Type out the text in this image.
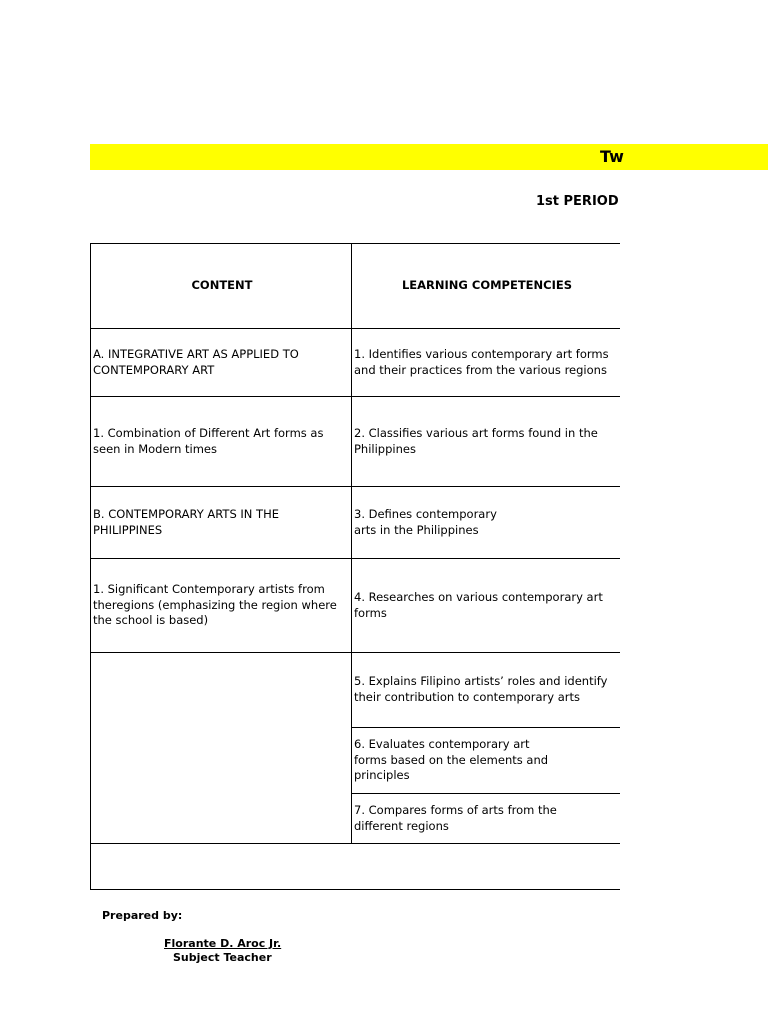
Tw
1st PERIOD
CONTENT	LEARNING COMPETENCIES
A. INTEGRATIVE ART AS APPLIED TO CONTEMPORARY ART
1. Identifies various contemporary art forms and their practices from the various regions
1. Combination of Different Art forms as seen in Modern times
2. Classifies various art forms found in the Philippines
B. CONTEMPORARY ARTS IN THE PHILIPPINES
3. Defines contemporary arts in the Philippines
1. Significant Contemporary artists from theregions (emphasizing the region where the school is based)
4. Researches on various contemporary art forms
5. Explains Filipino artists’ roles and identify their contribution to contemporary arts
6. Evaluates contemporary art forms based on the elements and principles
7. Compares forms of arts from the different regions
Prepared by:
Florante D. Aroc Jr.
Subject Teacher
